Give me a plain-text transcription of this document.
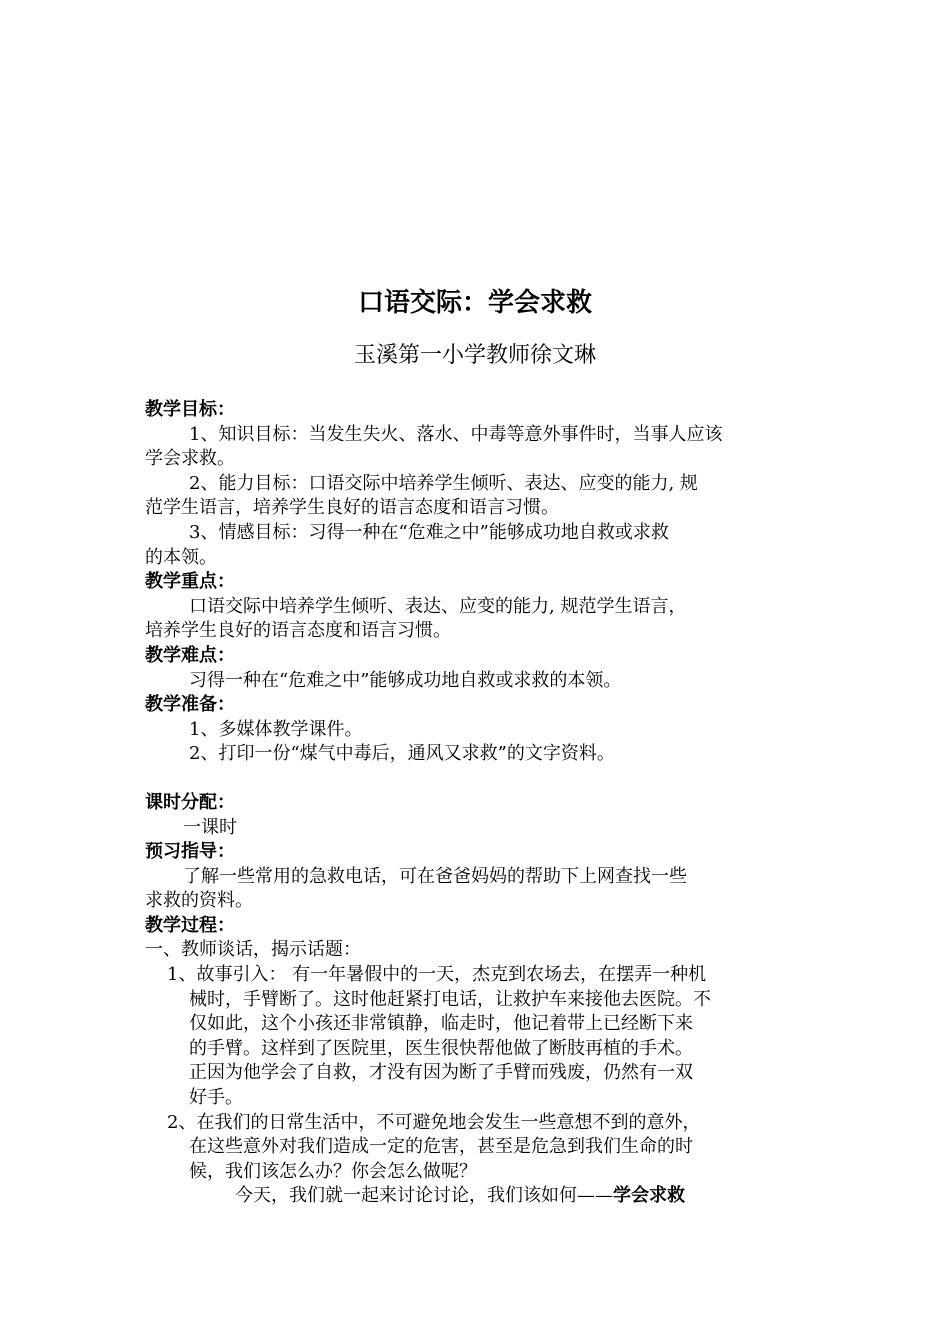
口语交际：学会求救
玉溪第一小学教师徐文琳
教学目标：
1、知识目标：当发生失火、落水、中毒等意外事件时，当事人应该
学会求救。
2、能力目标：口语交际中培养学生倾听、表达、应变的能力, 规
范学生语言，培养学生良好的语言态度和语言习惯。
3、情感目标：习得一种在“危难之中”能够成功地自救或求救
的本领。
教学重点：
口语交际中培养学生倾听、表达、应变的能力, 规范学生语言，
培养学生良好的语言态度和语言习惯。
教学难点：
习得一种在“危难之中”能够成功地自救或求救的本领。
教学准备：
1、多媒体教学课件。
2、打印一份“煤气中毒后，通风又求救”的文字资料。
课时分配：
一课时
预习指导：
了解一些常用的急救电话，可在爸爸妈妈的帮助下上网查找一些
求救的资料。
教学过程：
一、教师谈话，揭示话题：
1、故事引入： 有一年暑假中的一天，杰克到农场去，在摆弄一种机
械时，手臂断了。这时他赶紧打电话，让救护车来接他去医院。不
仅如此，这个小孩还非常镇静，临走时，他记着带上已经断下来
的手臂。这样到了医院里，医生很快帮他做了断肢再植的手术。
正因为他学会了自救，才没有因为断了手臂而残废，仍然有一双
好手。
2、在我们的日常生活中，不可避免地会发生一些意想不到的意外，
在这些意外对我们造成一定的危害，甚至是危急到我们生命的时
候，我们该怎么办？你会怎么做呢？
今天，我们就一起来讨论讨论，我们该如何——学会求救
